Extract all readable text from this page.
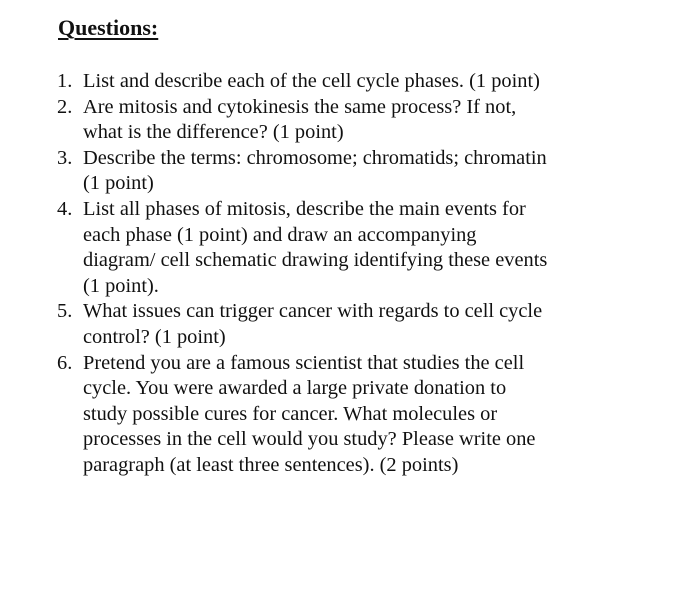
Questions:
1. List and describe each of the cell cycle phases. (1 point)
2. Are mitosis and cytokinesis the same process? If not,
what is the difference? (1 point)
3. Describe the terms: chromosome; chromatids; chromatin
(1 point)
4. List all phases of mitosis, describe the main events for
each phase (1 point) and draw an accompanying
diagram/ cell schematic drawing identifying these events
(1 point).
5. What issues can trigger cancer with regards to cell cycle
control? (1 point)
6. Pretend you are a famous scientist that studies the cell
cycle. You were awarded a large private donation to
study possible cures for cancer. What molecules or
processes in the cell would you study? Please write one
paragraph (at least three sentences). (2 points)
